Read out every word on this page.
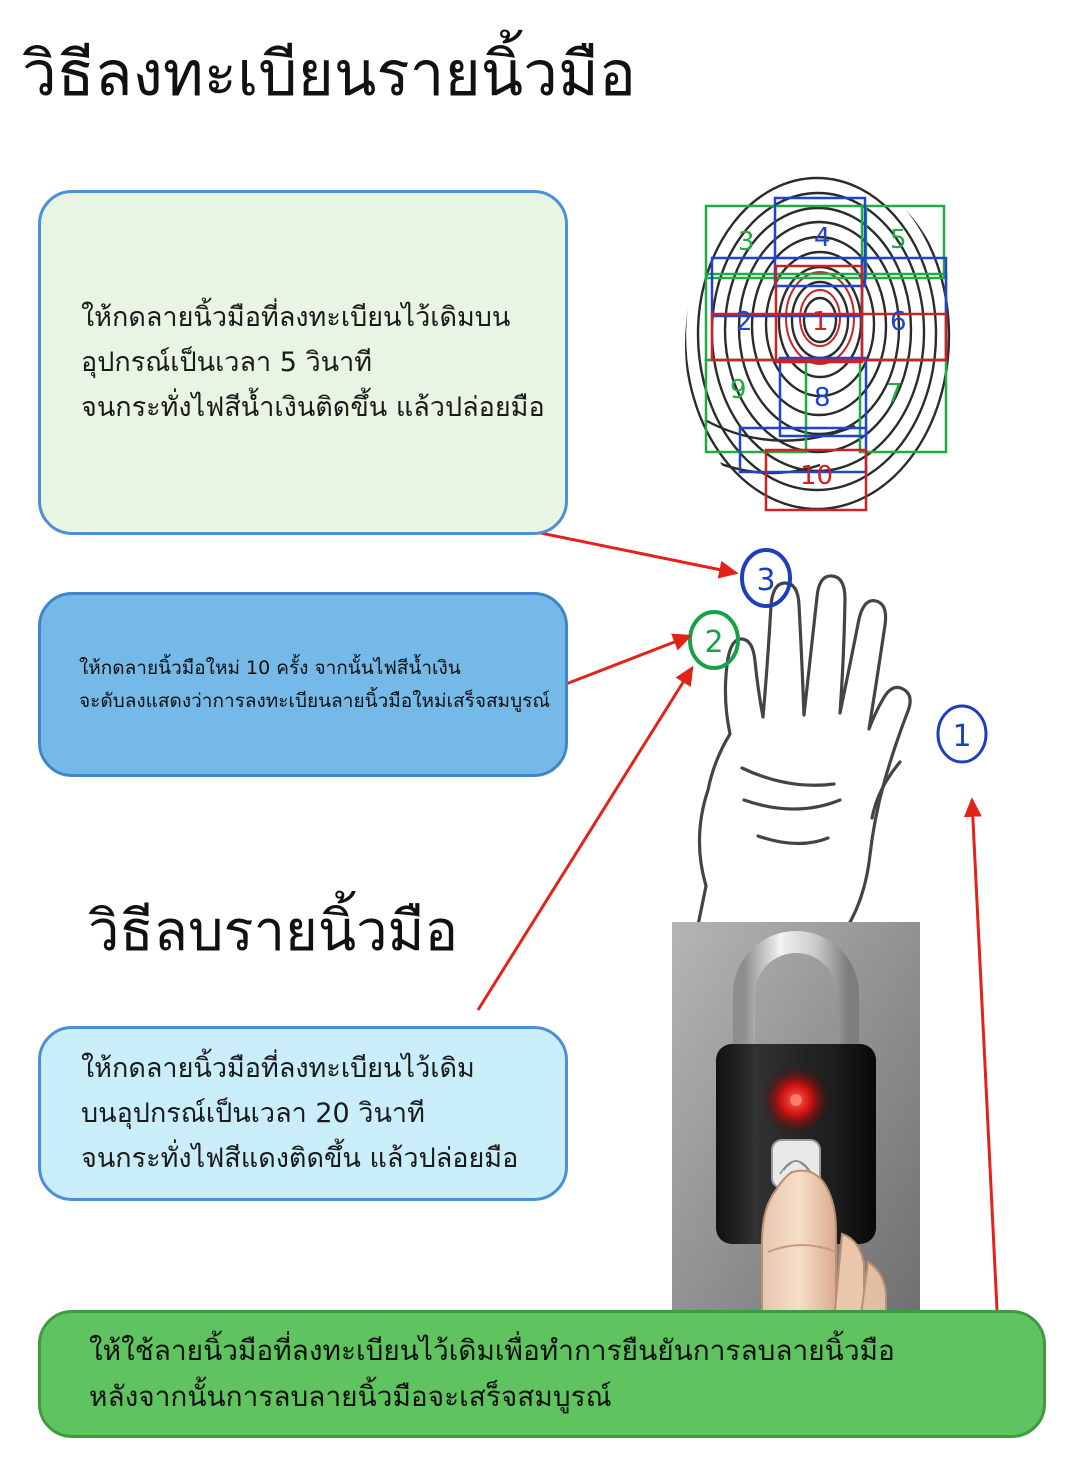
วิธีลงทะเบียนรายนิ้วมือ
วิธีลบรายนิ้วมือ
1
2
3 4 5
6
7
8
9
10
3
2
1
ให้กดลายนิ้วมือที่ลงทะเบียนไว้เดิมบน
อุปกรณ์เป็นเวลา 5 วินาที
จนกระทั่งไฟสีน้ำเงินติดขึ้น แล้วปล่อยมือ
ให้กดลายนิ้วมือใหม่ 10 ครั้ง จากนั้นไฟสีน้ำเงิน
จะดับลงแสดงว่าการลงทะเบียนลายนิ้วมือใหม่เสร็จสมบูรณ์
ให้กดลายนิ้วมือที่ลงทะเบียนไว้เดิม
บนอุปกรณ์เป็นเวลา 20 วินาที
จนกระทั่งไฟสีแดงติดขึ้น แล้วปล่อยมือ
ให้ใช้ลายนิ้วมือที่ลงทะเบียนไว้เดิมเพื่อทำการยืนยันการลบลายนิ้วมือ
หลังจากนั้นการลบลายนิ้วมือจะเสร็จสมบูรณ์
